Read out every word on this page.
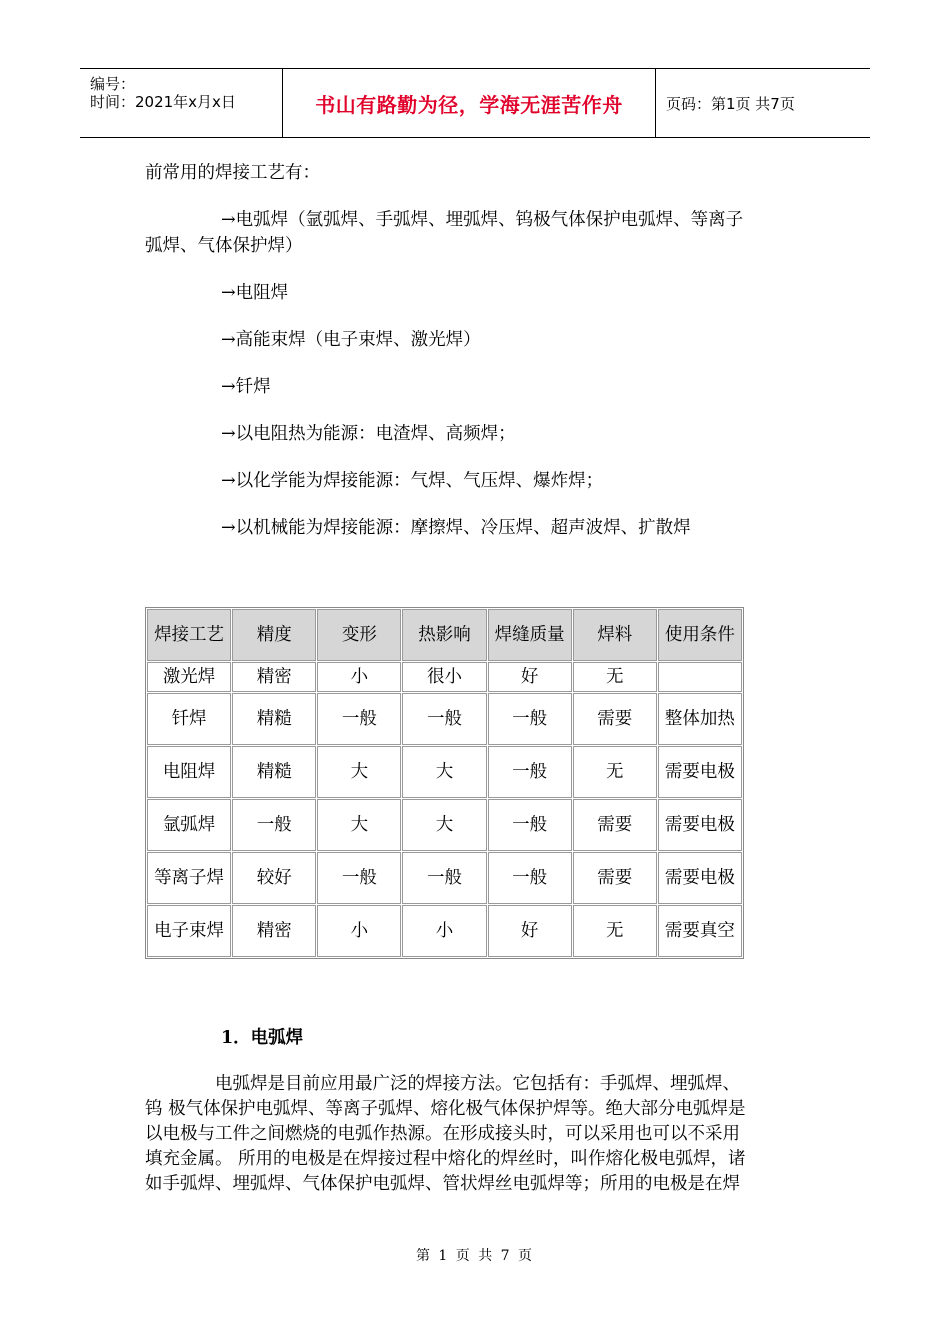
编号：
时间：2021年x月x日	书山有路勤为径，学海无涯苦作舟	页码：第1页 共7页
前常用的焊接工艺有：
→电弧焊（氩弧焊、手弧焊、埋弧焊、钨极气体保护电弧焊、等离子
弧焊、气体保护焊）
→电阻焊
→高能束焊（电子束焊、激光焊）
→钎焊
→以电阻热为能源：电渣焊、高频焊；
→以化学能为焊接能源：气焊、气压焊、爆炸焊；
→以机械能为焊接能源：摩擦焊、冷压焊、超声波焊、扩散焊
焊接工艺	精度	变形	热影响	焊缝质量	焊料	使用条件
激光焊	精密	小	很小	好	无	
钎焊	精糙	一般	一般	一般	需要	整体加热
电阻焊	精糙	大	大	一般	无	需要电极
氩弧焊	一般	大	大	一般	需要	需要电极
等离子焊	较好	一般	一般	一般	需要	需要电极
电子束焊	精密	小	小	好	无	需要真空
1．电弧焊
　　　　电弧焊是目前应用最广泛的焊接方法。它包括有：手弧焊、埋弧焊、
钨 极气体保护电弧焊、等离子弧焊、熔化极气体保护焊等。绝大部分电弧焊是
以电极与工件之间燃烧的电弧作热源。在形成接头时，可以采用也可以不采用
填充金属。 所用的电极是在焊接过程中熔化的焊丝时，叫作熔化极电弧焊，诸
如手弧焊、埋弧焊、气体保护电弧焊、管状焊丝电弧焊等；所用的电极是在焊
第 1 页 共 7 页
